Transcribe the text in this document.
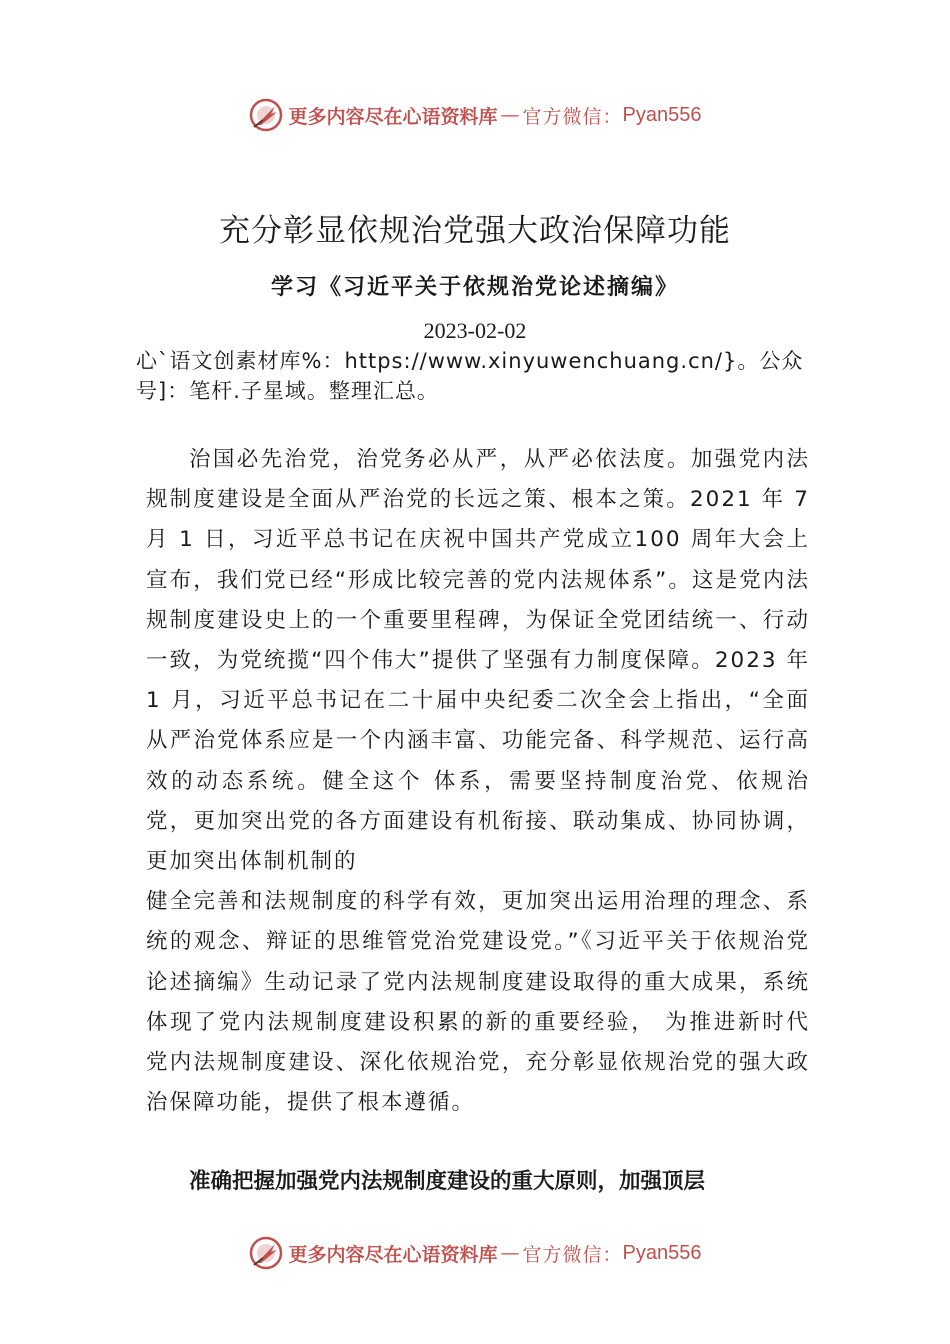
更多内容尽在心语资料库 — 官方微信： Pyan556
充分彰显依规治党强大政治保障功能
学习《习近平关于依规治党论述摘编》
2023-02-02

心`语文创素材库%：https://www.xinyuwenchuang.cn/}。公众号]：笔杆.子星域。整理汇总。

治国必先治党，治党务必从严，从严必依法度。加强党内法规制度建设是全面从严治党的长远之策、根本之策。2021 年 7 月 1 日，习近平总书记在庆祝中国共产党成立100 周年大会上宣布，我们党已经“形成比较完善的党内法规体系”。这是党内法规制度建设史上的一个重要里程碑，为保证全党团结统一、行动一致，为党统揽“四个伟大”提供了坚强有力制度保障。2023 年 1 月，习近平总书记在二十届中央纪委二次全会上指出，“全面从严治党体系应是一个内涵丰富、功能完备、科学规范、运行高效的动态系统。健全这个 体系，需要坚持制度治党、依规治党，更加突出党的各方面建设有机衔接、联动集成、协同协调，更加突出体制机制的

健全完善和法规制度的科学有效，更加突出运用治理的理念、系统的观念、辩证的思维管党治党建设党。”《习近平关于依规治党论述摘编》生动记录了党内法规制度建设取得的重大成果，系统体现了党内法规制度建设积累的新的重要经验， 为推进新时代党内法规制度建设、深化依规治党，充分彰显依规治党的强大政治保障功能，提供了根本遵循。

准确把握加强党内法规制度建设的重大原则，加强顶层

更多内容尽在心语资料库 — 官方微信： Pyan556
